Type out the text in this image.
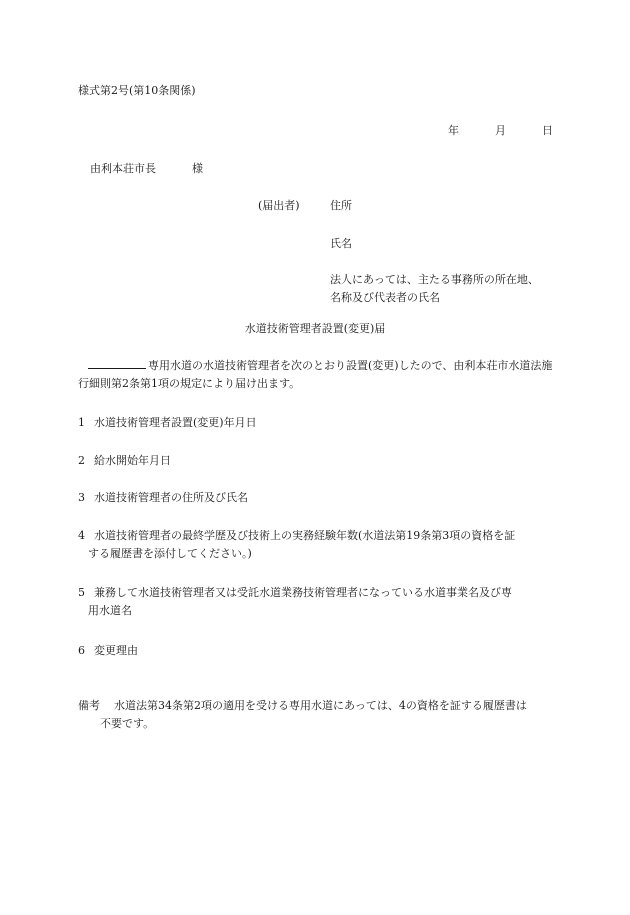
様式第2号(第10条関係)
年	月	日
由利本荘市長	様
(届出者)	住所
氏名
法人にあっては、主たる事務所の所在地、
名称及び代表者の氏名
水道技術管理者設置(変更)届
専用水道の水道技術管理者を次のとおり設置(変更)したので、由利本荘市水道法施行細則第2条第1項の規定により届け出ます。
1 水道技術管理者設置(変更)年月日
2 給水開始年月日
3 水道技術管理者の住所及び氏名
4 水道技術管理者の最終学歴及び技術上の実務経験年数(水道法第19条第3項の資格を証
する履歴書を添付してください。)
5 兼務して水道技術管理者又は受託水道業務技術管理者になっている水道事業名及び専
用水道名
6 変更理由
備考 水道法第34条第2項の適用を受ける専用水道にあっては、4の資格を証する履歴書は
不要です。
